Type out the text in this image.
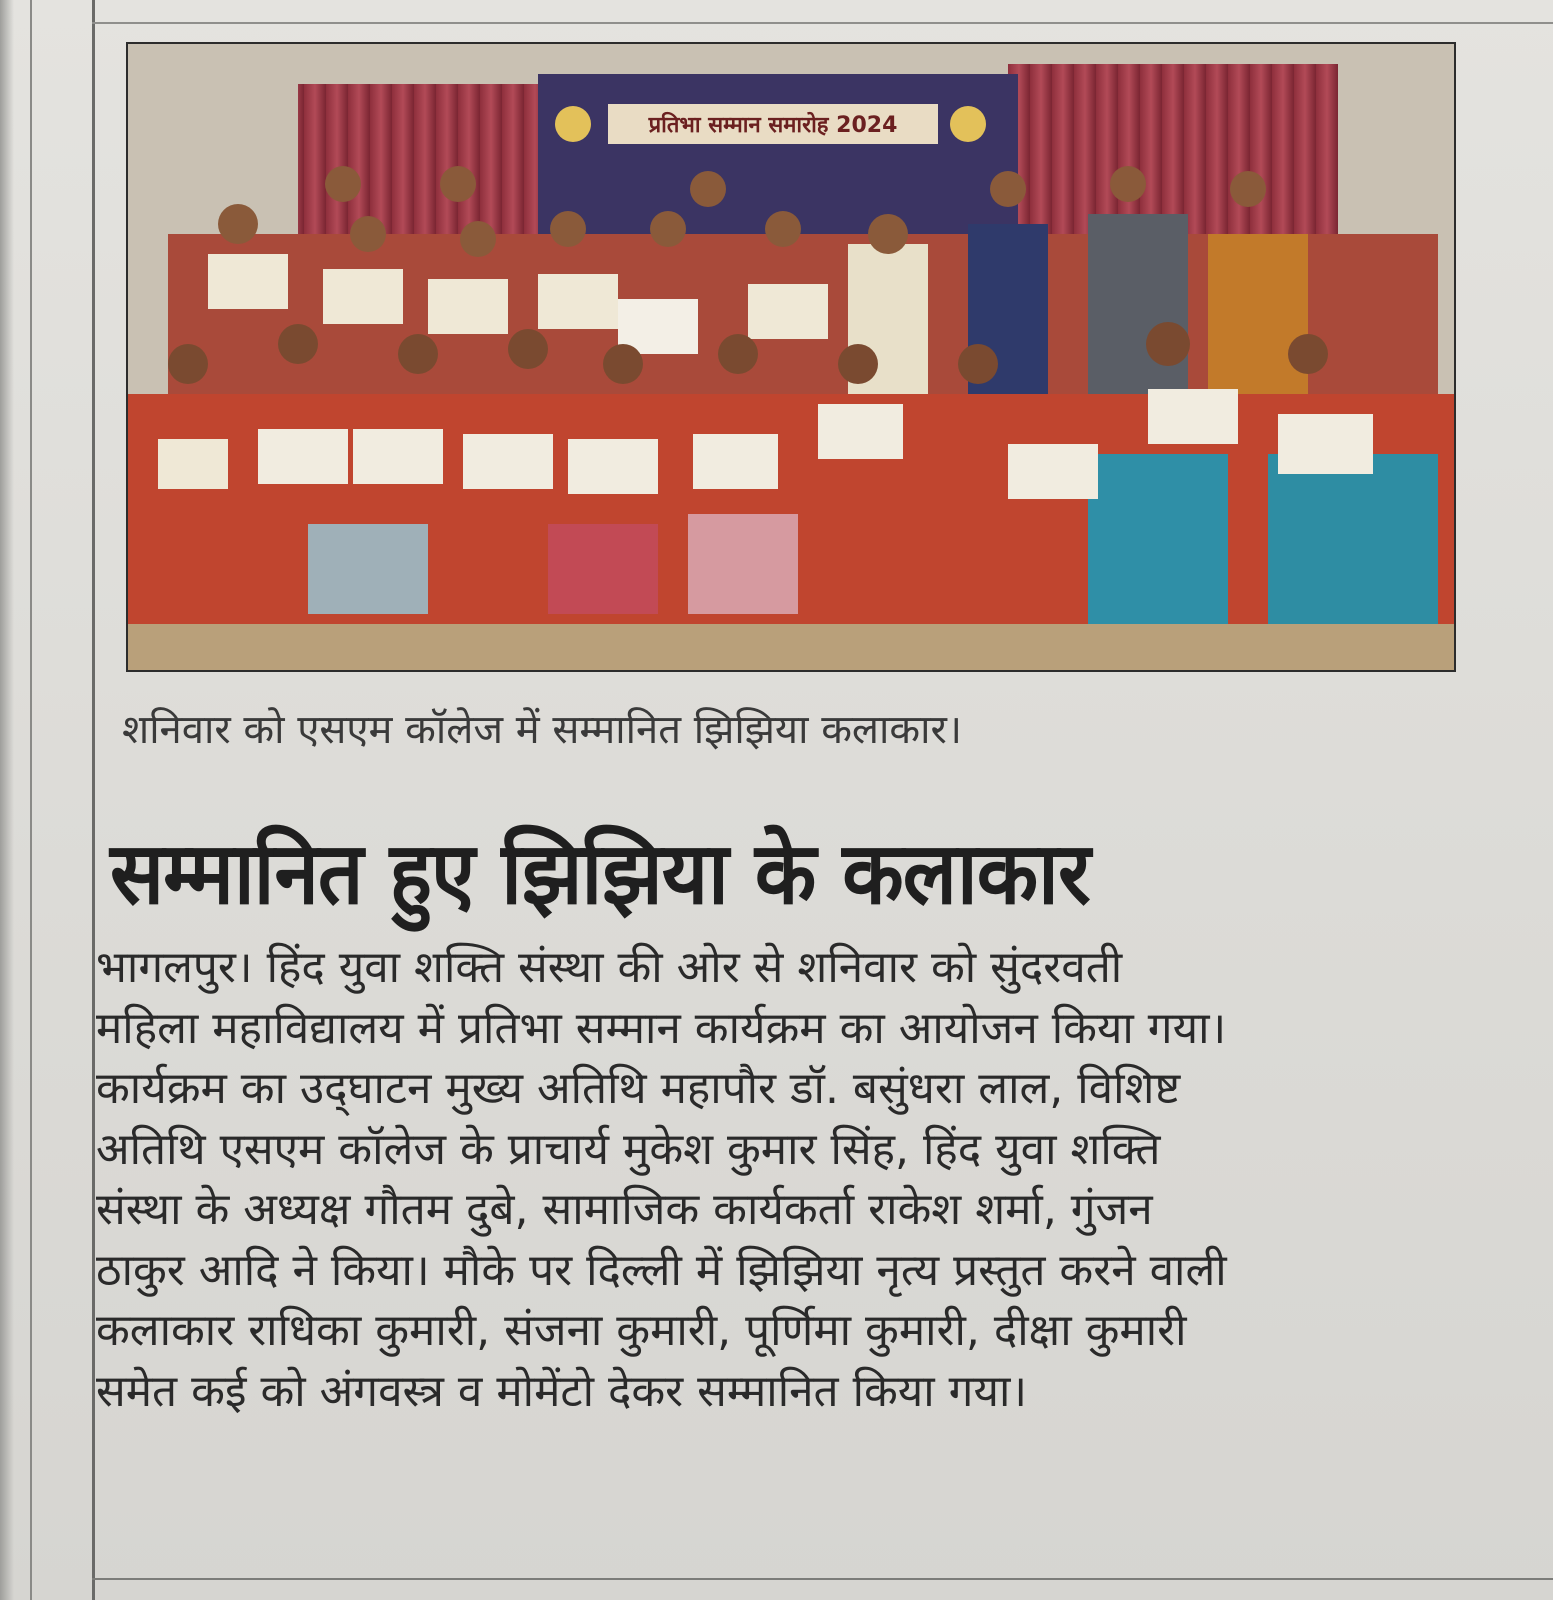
प्रतिभा सम्मान समारोह 2024
शनिवार को एसएम कॉलेज में सम्मानित झिझिया कलाकार।
सम्मानित हुए झिझिया के कलाकार
भागलपुर। हिंद युवा शक्ति संस्था की ओर से शनिवार को सुंदरवती
महिला महाविद्यालय में प्रतिभा सम्मान कार्यक्रम का आयोजन किया गया।
कार्यक्रम का उद्‌घाटन मुख्य अतिथि महापौर डॉ. बसुंधरा लाल, विशिष्ट
अतिथि एसएम कॉलेज के प्राचार्य मुकेश कुमार सिंह, हिंद युवा शक्ति
संस्था के अध्यक्ष गौतम दुबे, सामाजिक कार्यकर्ता राकेश शर्मा, गुंजन
ठाकुर आदि ने किया। मौके पर दिल्ली में झिझिया नृत्य प्रस्तुत करने वाली
कलाकार राधिका कुमारी, संजना कुमारी, पूर्णिमा कुमारी, दीक्षा कुमारी
समेत कई को अंगवस्त्र व मोमेंटो देकर सम्मानित किया गया।
